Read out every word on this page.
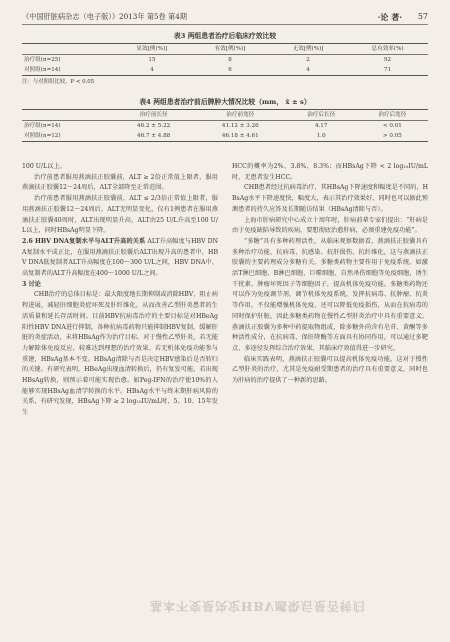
《中国肝脏病杂志（电子版）》2013年 第5卷 第4期	·论 著· 57
表3 两组患者治疗后临床疗效比较
	显效[例(%)]	有效[例(%)]	无效[例(%)]	总有效率(%)
治疗组(n=25)	15	8	2	92
对照组(n=14)	4	6	4	71
注：与对照组比较，P < 0.05
表4 两组患者治疗前后脾肿大情况比较（mm， x̄ ± s）
	治疗前长径	治疗前宽径	治疗后长径	治疗后宽径
治疗组(n=14)	46.2 ± 5.22	41.12 ± 3.26	4.17	< 0.01
对照组(n=12)	46.7 ± 4.88	46.18 ± 4.61	1.0	> 0.05

100 U/L以上。

治疗前患者服用燕滴扶正胶囊前，ALT ≥ 2倍正常值上限者，服用燕滴扶正胶囊12～24周后，ALT全部降至正常范围。

治疗前患者服用燕滴扶正胶囊前，ALT ≤ 2/3倍正常值上限者，服用燕滴扶正胶囊12～24周后，ALT无明显变化，仅有1例患者在服用燕滴扶正胶囊40周时，ALT出现明显升高，ALT由25 U/L升高至100 U/L以上，同时HBsAg明显下降。

2.6 HBV DNA复制水平与ALT升高的关系 ALT升高幅度与HBV DNA复制水平成正比，在服用燕滴扶正胶囊后ALT出现升高的患者中，HBV DNA低复制者ALT升高幅度在100～300 U/L之间，HBV DNA中、高复制者的ALT升高幅度在400～1000 U/L之间。

3 讨论

CHB治疗的总体目标是：最大限度地长期抑制或消除HBV，阻止病程进展，减轻肝细胞炎症坏死及肝纤维化，从而改善乙型肝炎患者的生活质量和延长存活时间。目前HBV抗病毒治疗的主要目标是对HBeAg阳性HBV DNA进行抑制，各种抗病毒药物只能抑制HBV复制，缓解肝脏的炎症活动，未将HBsAg作为治疗目标。对于慢性乙型肝炎，若无能力解除体免疫反应，较难达到理想的治疗效果。若无机体免疫功能参与重建，HBsAg基本不变。HBsAg清除与否是决定HBV感染后是否转归的关键。有研究表明，HBeAg出现血清转换后，仍有复发可能，若出现HBsAg转换，则预示着可能实现治愈。如Peg-IFN的治疗使10%的人能够实现HBsAg血清学转换的水平。HBsAg水平与终末期肝病风险的关系，有研究发现，HBsAg下降 ≥ 2 log₁₀IU/mL时，5、10、15年发生

HCC的概率为2%、3.8%、8.3%；而HBsAg下降 < 2 log₁₀IU/mL时，无患者发生HCC。

CHB患者经过抗病毒治疗，其HBsAg下降速度和幅度是不同的，HBsAg水平下降速度快，幅度大，表示其治疗效果好，同时也可以据此预测患者的持久应答及长期随访结果（HBsAg清除与否）。

上海市肝病研究中心成立十周年时，肝病前辈专家们提出：“肝病是由于免疫缺陷导致的疾病，要想彻底治愈肝病，必须重建免疫功能”。

“多糖”具有多种药理活性，从临床观察数据看，燕滴扶正胶囊具有多种治疗功能，抗病毒、抗感染、抗肝损伤、抗纤维化，这与燕滴扶正胶囊的主要药理成分多糖有关。多糖类药物主要作用于免疫系统，如激活T淋巴细胞、B淋巴细胞、巨噬细胞、自然杀伤细胞等免疫细胞，诱生干扰素、肿瘤坏死因子等细胞因子，提高机体免疫功能。多糖类药物还可以作为免疫调节剂，调节机体免疫系统，发挥抗病毒、抗肿瘤、抗炎等作用，不仅能增强机体免疫，还可以降低免疫损伤，从而在抗病毒的同时保护肝脏，因此多糖类药物在慢性乙型肝炎治疗中具有重要意义。燕滴扶正胶囊为多种中药提取物组成，除多糖外尚含有皂苷、黄酮等多种活性成分，在抗病毒、保肝降酶等方面具有协同作用，可以通过多靶点、多途径发挥综合治疗效果，其临床疗效值得进一步研究。

临床实践表明，燕滴扶正胶囊可以提高机体免疫功能，这对于慢性乙型肝炎的治疗，尤其是免疫耐受期患者的治疗具有重要意义，同时也为肝病的治疗提供了一种新的思路。

基本不变是决定HBV感染后是否转归
